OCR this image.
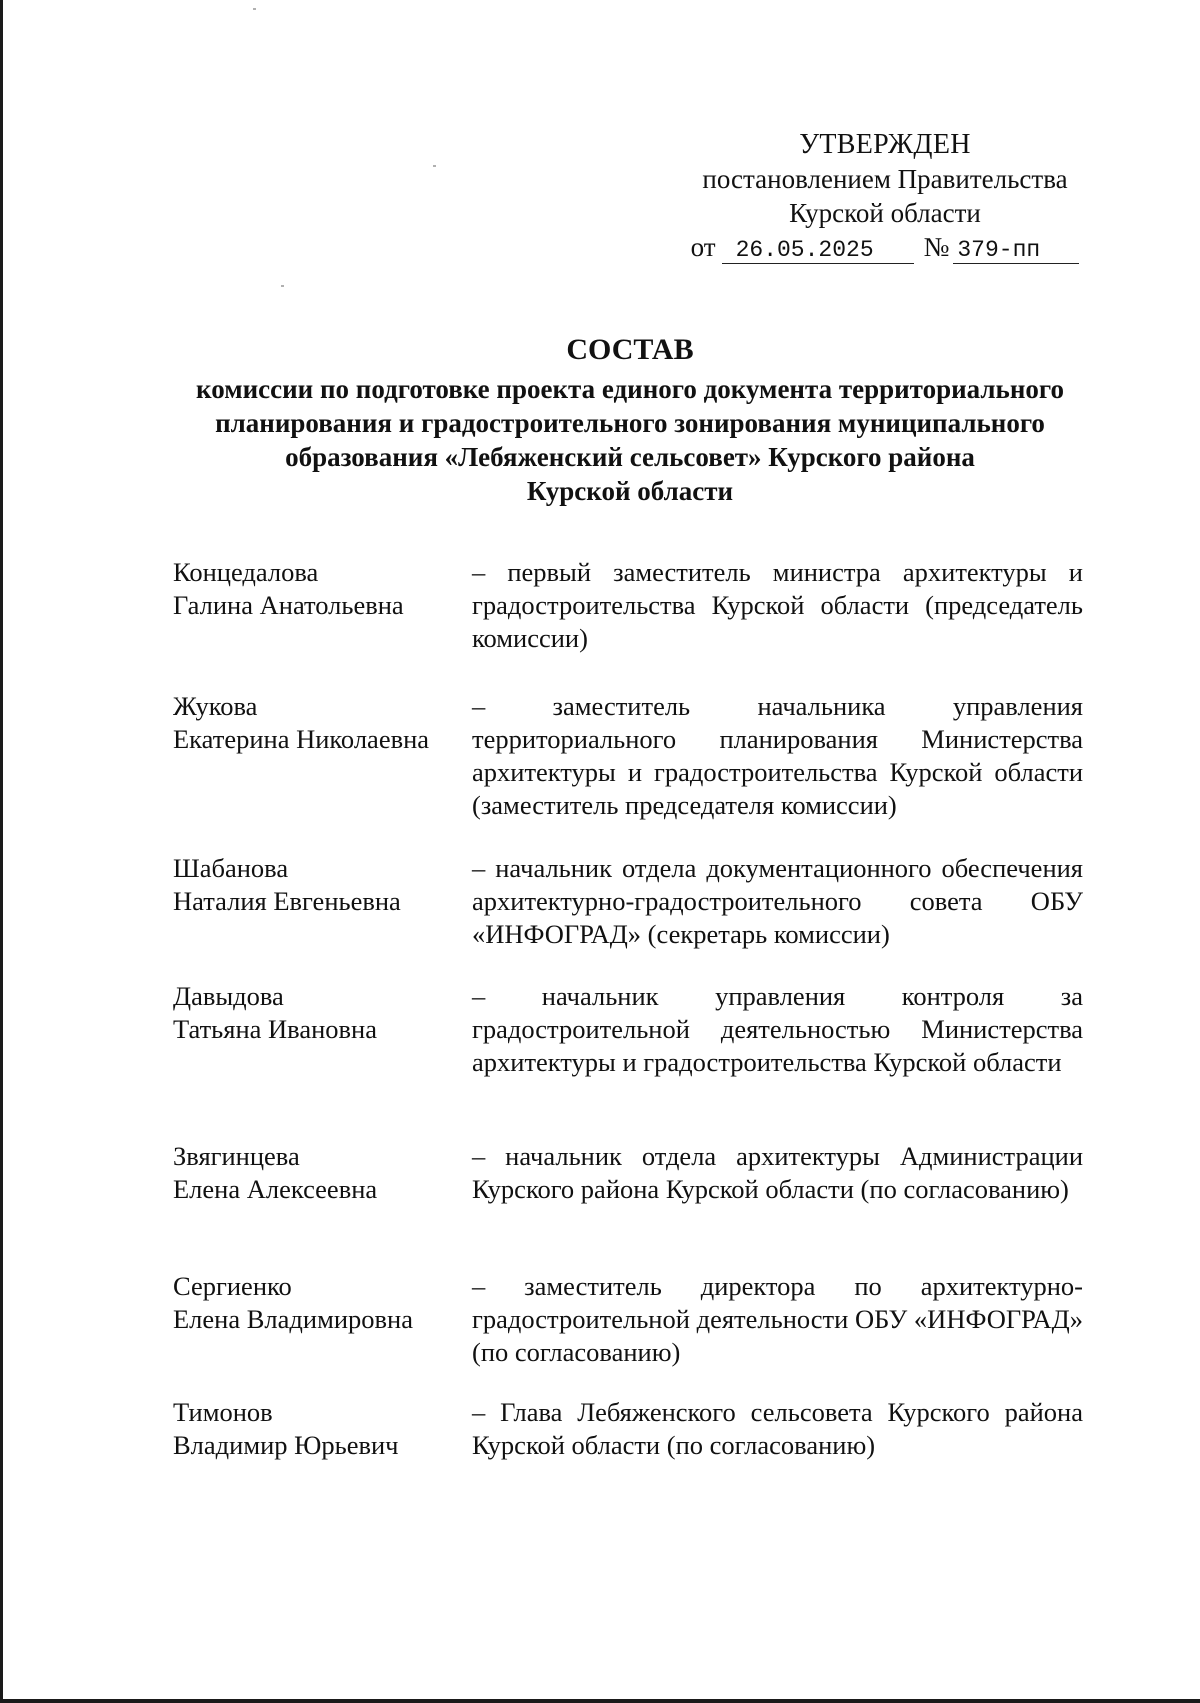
УТВЕРЖДЕН
постановлением Правительства
Курской области
от 26.05.2025	№ 379-пп
СОСТАВ
комиссии по подготовке проекта единого документа территориального
планирования и градостроительного зонирования муниципального
образования «Лебяженский сельсовет» Курского района
Курской области
Концедалова
Галина Анатольевна
– первый заместитель министра архитектуры и градостроительства Курской области (председатель комиссии)
Жукова
Екатерина Николаевна
– заместитель начальника управления территориального планирования Министерства архитектуры и градостроительства Курской области (заместитель председателя комиссии)
Шабанова
Наталия Евгеньевна
– начальник отдела документационного обеспечения архитектурно-градостроительного совета ОБУ «ИНФОГРАД» (секретарь комиссии)
Давыдова
Татьяна Ивановна
– начальник управления контроля за градостроительной деятельностью Министерства архитектуры и градостроительства Курской области
Звягинцева
Елена Алексеевна
– начальник отдела архитектуры Администрации Курского района Курской области (по согласованию)
Сергиенко
Елена Владимировна
– заместитель директора по архитектурно-градостроительной деятельности ОБУ «ИНФОГРАД» (по согласованию)
Тимонов
Владимир Юрьевич
– Глава Лебяженского сельсовета Курского района Курской области (по согласованию)
